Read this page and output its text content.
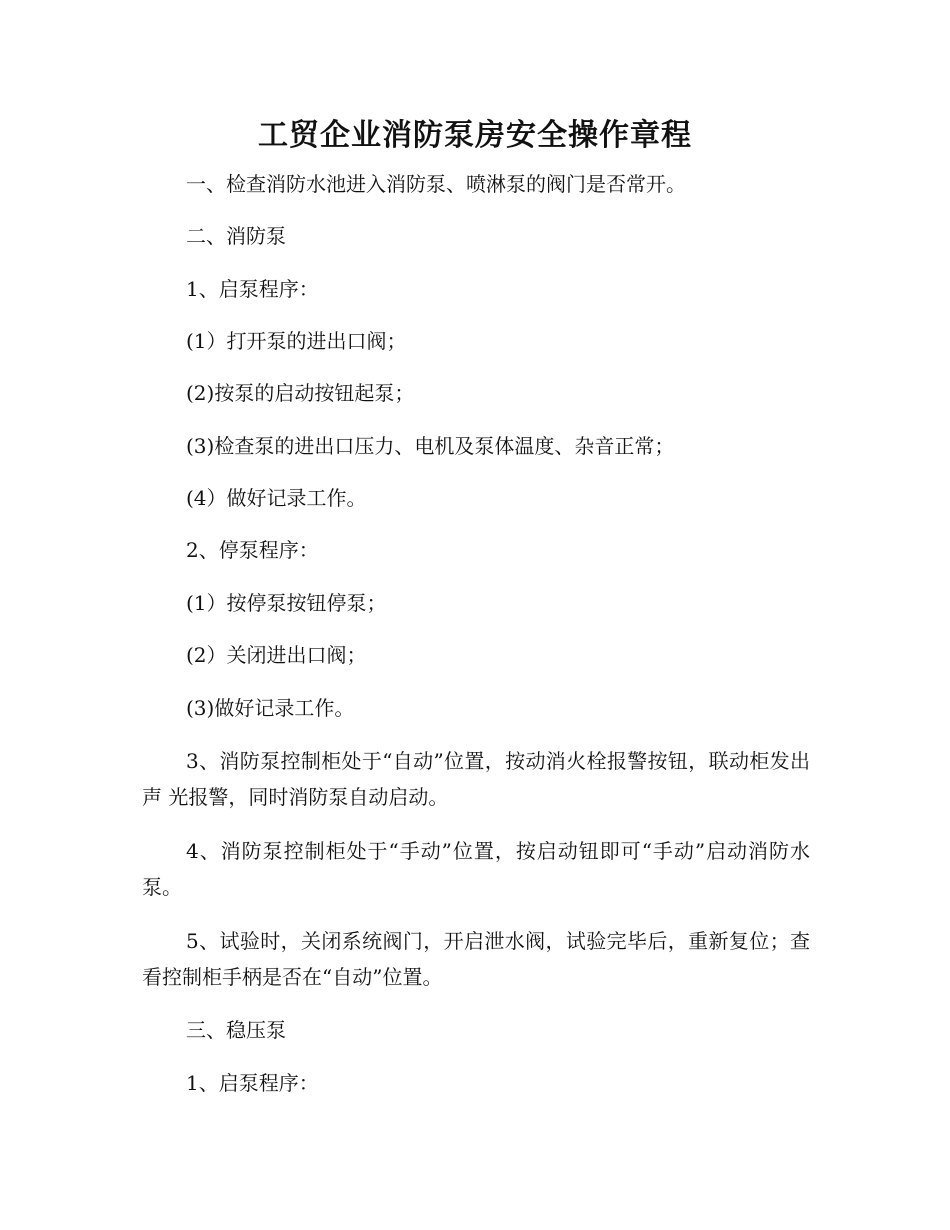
工贸企业消防泵房安全操作章程
一、检查消防水池进入消防泵、喷淋泵的阀门是否常开。
二、消防泵
1、启泵程序：
(1）打开泵的进出口阀；
(2)按泵的启动按钮起泵；
(3)检查泵的进出口压力、电机及泵体温度、杂音正常；
(4）做好记录工作。
2、停泵程序：
(1）按停泵按钮停泵；
(2）关闭进出口阀；
(3)做好记录工作。
3、消防泵控制柜处于“自动”位置，按动消火栓报警按钮，联动柜发出声 光报警，同时消防泵自动启动。
4、消防泵控制柜处于“手动”位置，按启动钮即可“手动”启动消防水泵。
5、试验时，关闭系统阀门，开启泄水阀，试验完毕后，重新复位；查看控制柜手柄是否在“自动”位置。
三、稳压泵
1、启泵程序：
